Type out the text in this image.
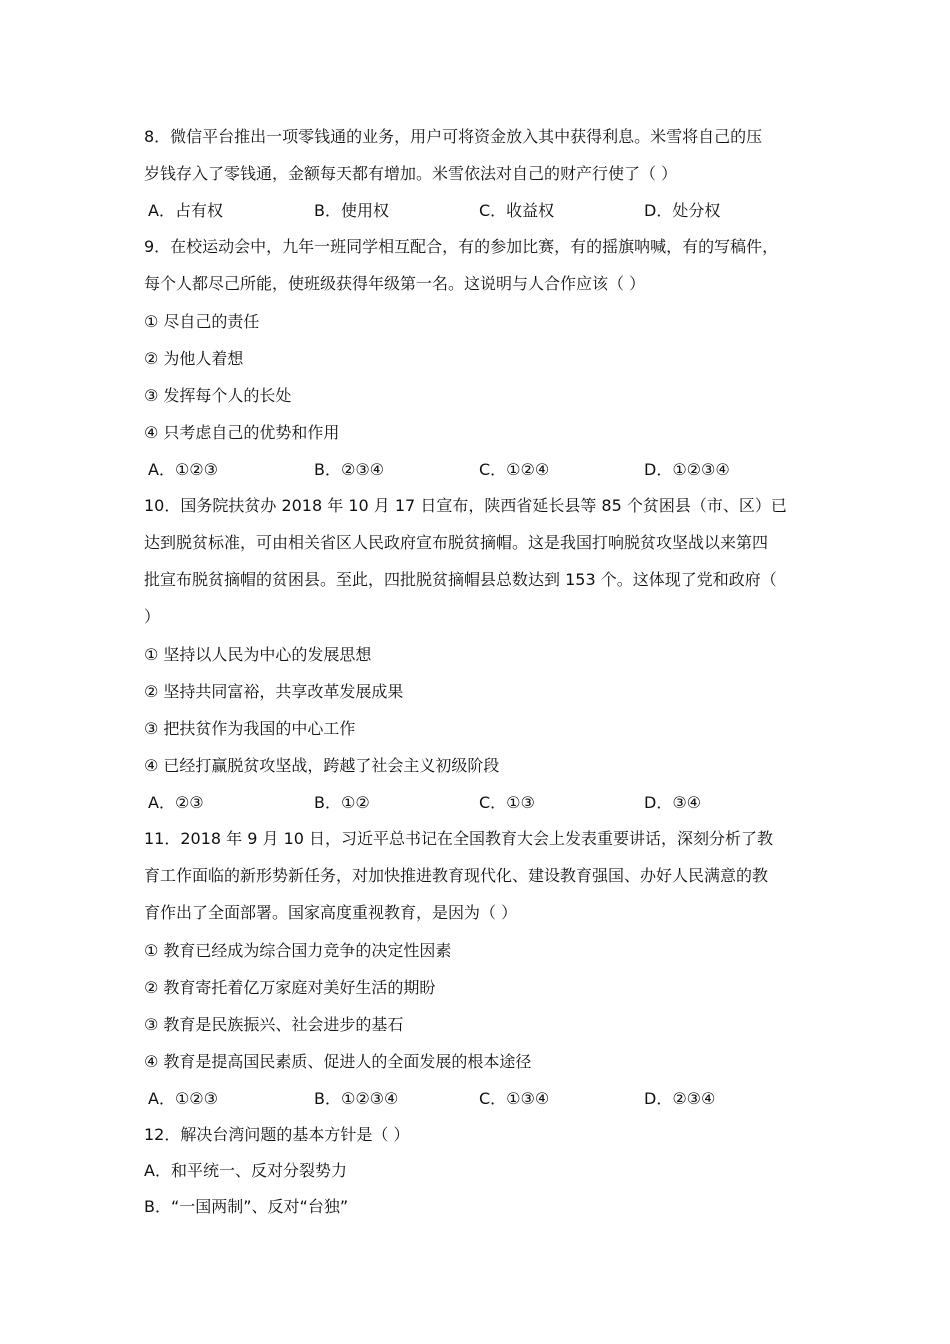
8．微信平台推出一项零钱通的业务，用户可将资金放入其中获得利息。米雪将自己的压
岁钱存入了零钱通，金额每天都有增加。米雪依法对自己的财产行使了（ ）
A．占有权	B．使用权	C．收益权	D．处分权
9．在校运动会中，九年一班同学相互配合，有的参加比赛，有的摇旗呐喊，有的写稿件，
每个人都尽己所能，使班级获得年级第一名。这说明与人合作应该（ ）
① 尽自己的责任
② 为他人着想
③ 发挥每个人的长处
④ 只考虑自己的优势和作用
A．①②③	B．②③④	C．①②④	D．①②③④
10．国务院扶贫办 2018 年 10 月 17 日宣布，陕西省延长县等 85 个贫困县（市、区）已
达到脱贫标准，可由相关省区人民政府宣布脱贫摘帽。这是我国打响脱贫攻坚战以来第四
批宣布脱贫摘帽的贫困县。至此，四批脱贫摘帽县总数达到 153 个。这体现了党和政府（
）
① 坚持以人民为中心的发展思想
② 坚持共同富裕，共享改革发展成果
③ 把扶贫作为我国的中心工作
④ 已经打赢脱贫攻坚战，跨越了社会主义初级阶段
A．②③	B．①②	C．①③	D．③④
11．2018 年 9 月 10 日，习近平总书记在全国教育大会上发表重要讲话，深刻分析了教
育工作面临的新形势新任务，对加快推进教育现代化、建设教育强国、办好人民满意的教
育作出了全面部署。国家高度重视教育，是因为（ ）
① 教育已经成为综合国力竞争的决定性因素
② 教育寄托着亿万家庭对美好生活的期盼
③ 教育是民族振兴、社会进步的基石
④ 教育是提高国民素质、促进人的全面发展的根本途径
A．①②③	B．①②③④	C．①③④	D．②③④
12．解决台湾问题的基本方针是（ ）
A．和平统一、反对分裂势力
B．“一国两制”、反对“台独”
